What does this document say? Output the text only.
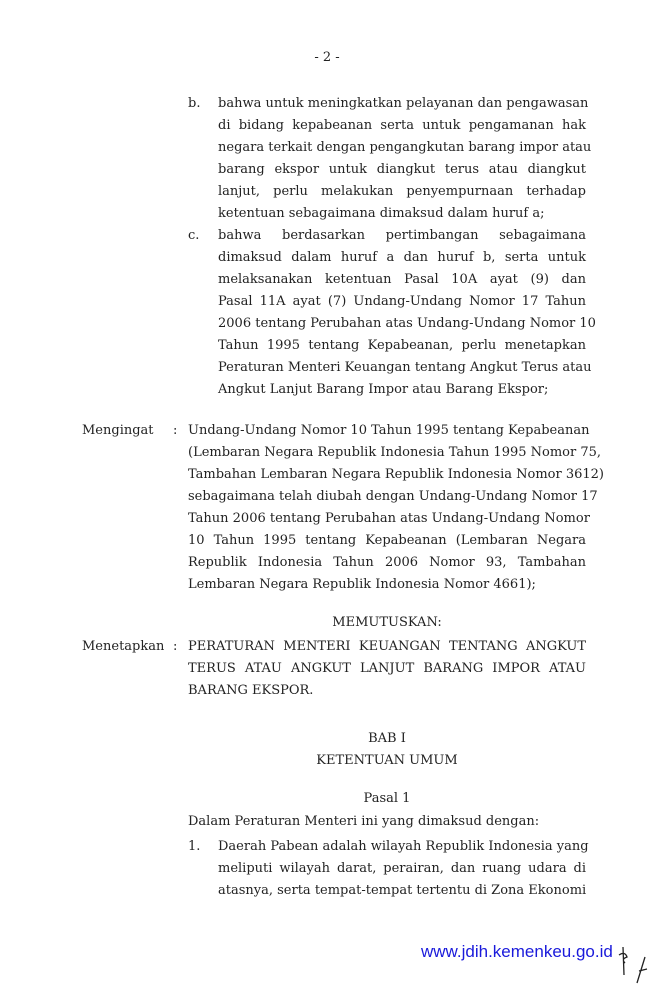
- 2 -
b. bahwa untuk meningkatkan pelayanan dan pengawasan
di bidang kepabeanan serta untuk pengamanan hak
negara terkait dengan pengangkutan barang impor atau
barang ekspor untuk diangkut terus atau diangkut
lanjut, perlu melakukan penyempurnaan terhadap
ketentuan sebagaimana dimaksud dalam huruf a;
c. bahwa berdasarkan pertimbangan sebagaimana
dimaksud dalam huruf a dan huruf b, serta untuk
melaksanakan ketentuan Pasal 10A ayat (9) dan
Pasal 11A ayat (7) Undang-Undang Nomor 17 Tahun
2006 tentang Perubahan atas Undang-Undang Nomor 10
Tahun 1995 tentang Kepabeanan, perlu menetapkan
Peraturan Menteri Keuangan tentang Angkut Terus atau
Angkut Lanjut Barang Impor atau Barang Ekspor;
Mengingat : Undang-Undang Nomor 10 Tahun 1995 tentang Kepabeanan
(Lembaran Negara Republik Indonesia Tahun 1995 Nomor 75,
Tambahan Lembaran Negara Republik Indonesia Nomor 3612)
sebagaimana telah diubah dengan Undang-Undang Nomor 17
Tahun 2006 tentang Perubahan atas Undang-Undang Nomor
10 Tahun 1995 tentang Kepabeanan (Lembaran Negara
Republik Indonesia Tahun 2006 Nomor 93, Tambahan
Lembaran Negara Republik Indonesia Nomor 4661);
MEMUTUSKAN:
Menetapkan : PERATURAN MENTERI KEUANGAN TENTANG ANGKUT
TERUS ATAU ANGKUT LANJUT BARANG IMPOR ATAU
BARANG EKSPOR.
BAB I
KETENTUAN UMUM
Pasal 1
Dalam Peraturan Menteri ini yang dimaksud dengan:
1. Daerah Pabean adalah wilayah Republik Indonesia yang
meliputi wilayah darat, perairan, dan ruang udara di
atasnya, serta tempat-tempat tertentu di Zona Ekonomi
www.jdih.kemenkeu.go.id
